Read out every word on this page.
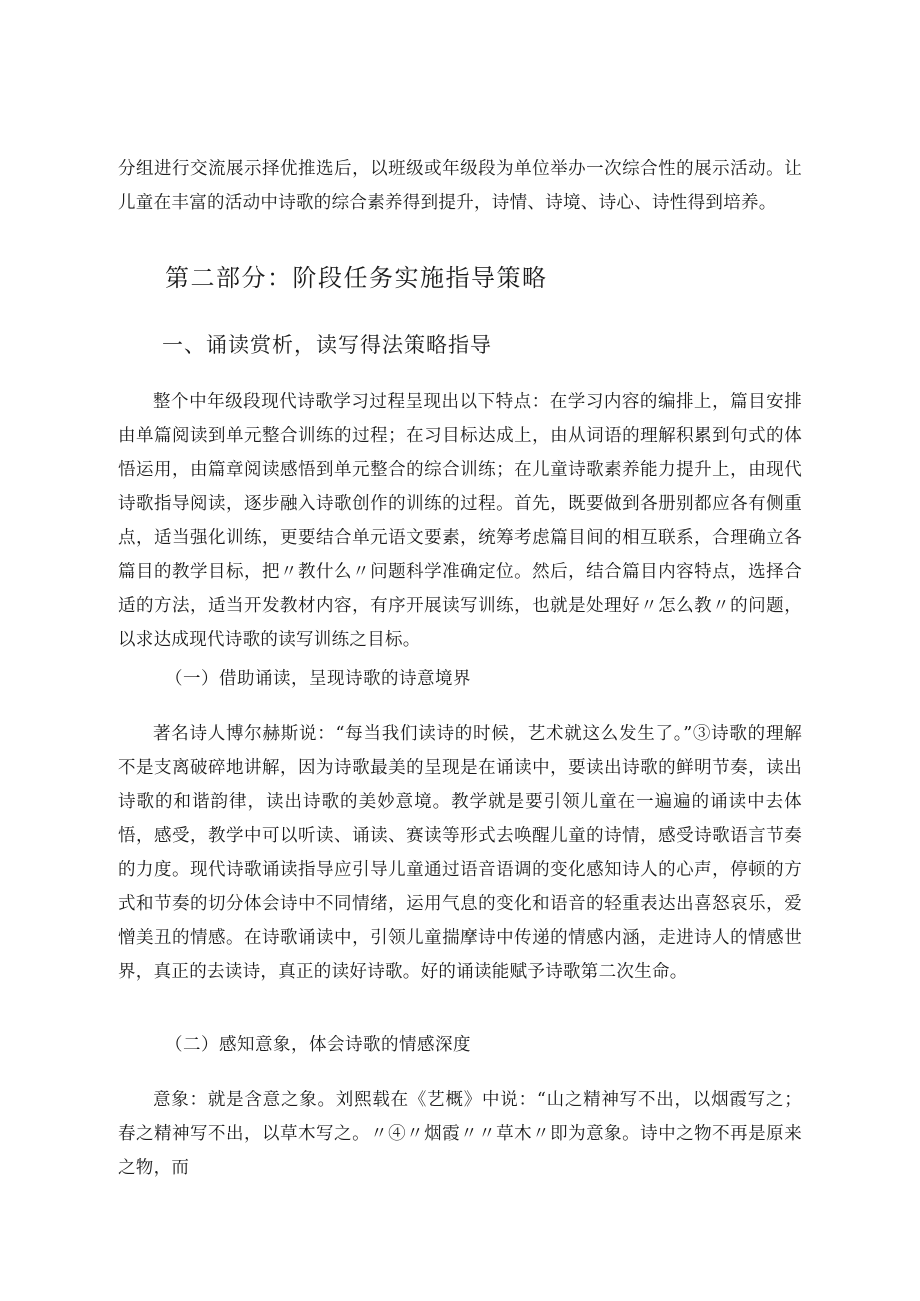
分组进行交流展示择优推选后，以班级或年级段为单位举办一次综合性的展示活动。让儿童在丰富的活动中诗歌的综合素养得到提升，诗情、诗境、诗心、诗性得到培养。

第二部分：阶段任务实施指导策略
一、诵读赏析，读写得法策略指导

整个中年级段现代诗歌学习过程呈现出以下特点：在学习内容的编排上，篇目安排由单篇阅读到单元整合训练的过程；在习目标达成上，由从词语的理解积累到句式的体悟运用，由篇章阅读感悟到单元整合的综合训练；在儿童诗歌素养能力提升上，由现代诗歌指导阅读，逐步融入诗歌创作的训练的过程。首先，既要做到各册别都应各有侧重点，适当强化训练，更要结合单元语文要素，统筹考虑篇目间的相互联系，合理确立各篇目的教学目标，把〃教什么〃问题科学准确定位。然后，结合篇目内容特点，选择合适的方法，适当开发教材内容，有序开展读写训练，也就是处理好〃怎么教〃的问题，以求达成现代诗歌的读写训练之目标。

（一）借助诵读，呈现诗歌的诗意境界

著名诗人博尔赫斯说：“每当我们读诗的时候，艺术就这么发生了。”③诗歌的理解不是支离破碎地讲解，因为诗歌最美的呈现是在诵读中，要读出诗歌的鲜明节奏，读出诗歌的和谐韵律，读出诗歌的美妙意境。教学就是要引领儿童在一遍遍的诵读中去体悟，感受，教学中可以听读、诵读、赛读等形式去唤醒儿童的诗情，感受诗歌语言节奏的力度。现代诗歌诵读指导应引导儿童通过语音语调的变化感知诗人的心声，停顿的方式和节奏的切分体会诗中不同情绪，运用气息的变化和语音的轻重表达出喜怒哀乐，爱憎美丑的情感。在诗歌诵读中，引领儿童揣摩诗中传递的情感内涵，走进诗人的情感世界，真正的去读诗，真正的读好诗歌。好的诵读能赋予诗歌第二次生命。

（二）感知意象，体会诗歌的情感深度

意象：就是含意之象。刘熙载在《艺概》中说：“山之精神写不出，以烟霞写之；春之精神写不出，以草木写之。〃④〃烟霞〃〃草木〃即为意象。诗中之物不再是原来之物，而
